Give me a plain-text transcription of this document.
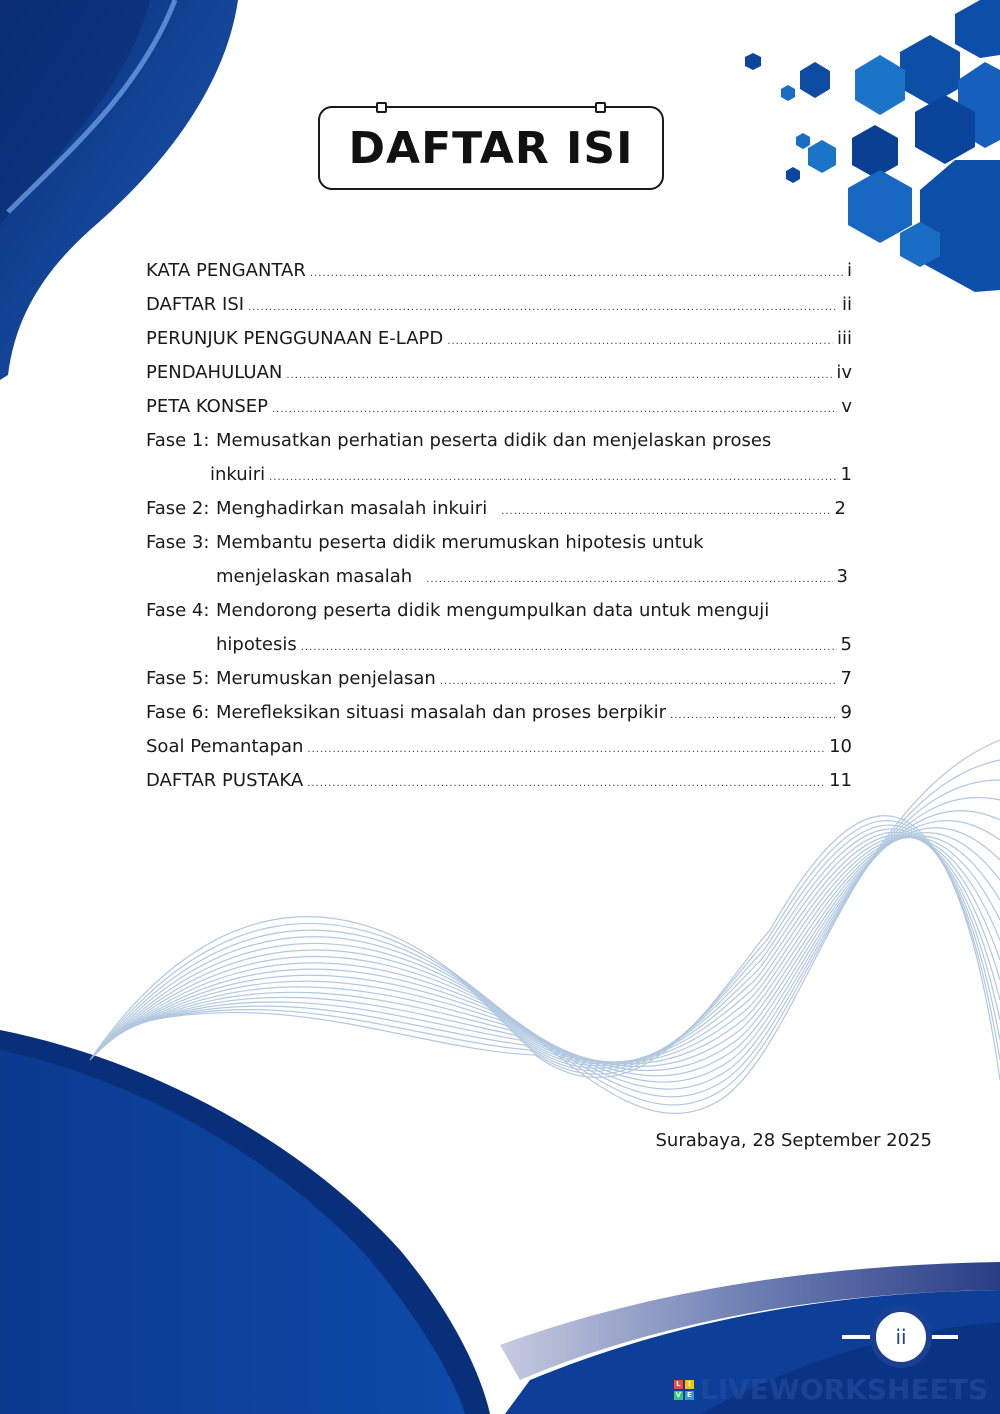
DAFTAR ISI
KATA PENGANTAR .....	i
DAFTAR ISI .....	ii
PERUNJUK PENGGUNAAN E-LAPD .....	iii
PENDAHULUAN .....	iv
PETA KONSEP .....	v
Fase 1: Memusatkan perhatian peserta didik dan menjelaskan proses
inkuiri .....	1
Fase 2: Menghadirkan masalah inkuiri .....	2
Fase 3: Membantu peserta didik merumuskan hipotesis untuk
menjelaskan masalah .....	3
Fase 4: Mendorong peserta didik mengumpulkan data untuk menguji
hipotesis .....	5
Fase 5: Merumuskan penjelasan .....	7
Fase 6: Merefleksikan situasi masalah dan proses berpikir .....	9
Soal Pemantapan .....	10
DAFTAR PUSTAKA .....	11
Surabaya, 28 September 2025
ii
L	I
V E LIVEWORKSHEETS
